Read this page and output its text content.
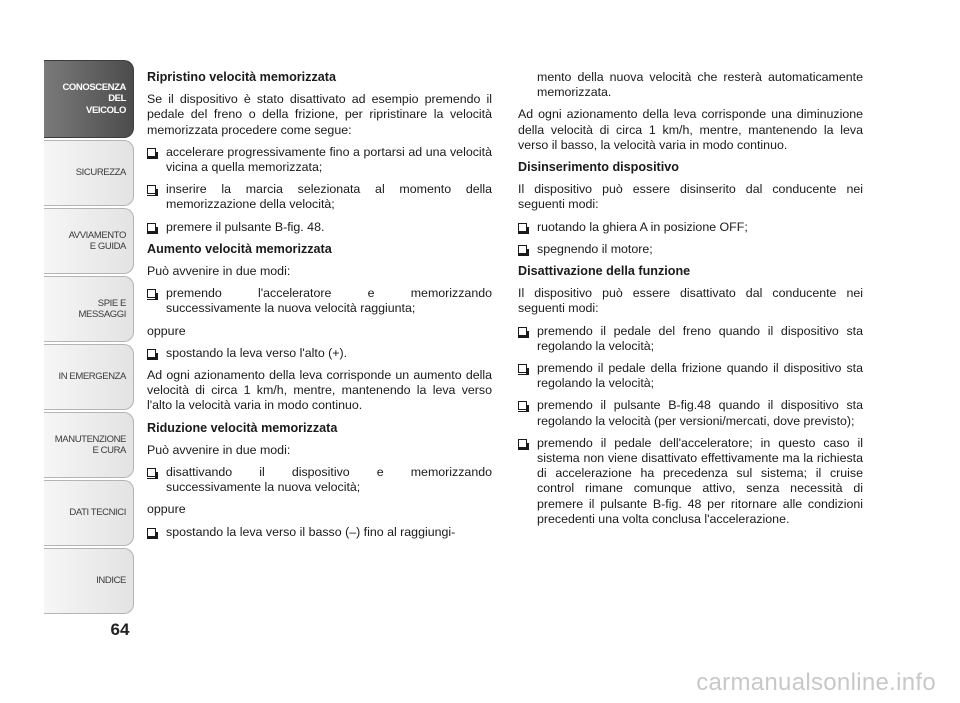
CONOSCENZA
DEL
VEICOLO
SICUREZZA
AVVIAMENTO
E GUIDA
SPIE E
MESSAGGI
IN EMERGENZA
MANUTENZIONE
E CURA
DATI TECNICI
INDICE
64
Ripristino velocità memorizzata

Se il dispositivo è stato disattivato ad esempio premendo il pedale del freno o della frizione, per ripristinare la velocità memorizzata procedere come segue:

accelerare progressivamente fino a portarsi ad una velocità vicina a quella memorizzata;
inserire la marcia selezionata al momento della memorizzazione della velocità;
premere il pulsante B-fig. 48.
Aumento velocità memorizzata

Può avvenire in due modi:

premendo l'acceleratore e memorizzando successivamente la nuova velocità raggiunta;

oppure

spostando la leva verso l'alto (+).

Ad ogni azionamento della leva corrisponde un aumento della velocità di circa 1 km/h, mentre, mantenendo la leva verso l'alto la velocità varia in modo continuo.

Riduzione velocità memorizzata

Può avvenire in due modi:

disattivando il dispositivo e memorizzando successivamente la nuova velocità;

oppure

spostando la leva verso il basso (–) fino al raggiungi-

mento della nuova velocità che resterà automaticamente memorizzata.

Ad ogni azionamento della leva corrisponde una diminuzione della velocità di circa 1 km/h, mentre, mantenendo la leva verso il basso, la velocità varia in modo continuo.

Disinserimento dispositivo

Il dispositivo può essere disinserito dal conducente nei seguenti modi:

ruotando la ghiera A in posizione OFF;
spegnendo il motore;
Disattivazione della funzione

Il dispositivo può essere disattivato dal conducente nei seguenti modi:

premendo il pedale del freno quando il dispositivo sta regolando la velocità;
premendo il pedale della frizione quando il dispositivo sta regolando la velocità;
premendo il pulsante B-fig.48 quando il dispositivo sta regolando la velocità (per versioni/mercati, dove previsto);
premendo il pedale dell'acceleratore; in questo caso il sistema non viene disattivato effettivamente ma la richiesta di accelerazione ha precedenza sul sistema; il cruise control rimane comunque attivo, senza necessità di premere il pulsante B-fig. 48 per ritornare alle condizioni precedenti una volta conclusa l'accelerazione.
carmanualsonline.info
